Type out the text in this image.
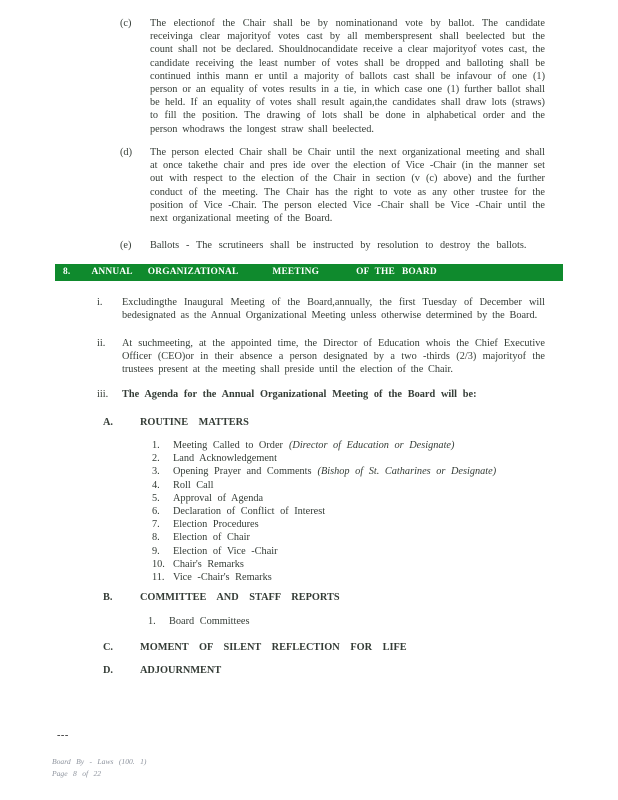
(c)	The electionof the Chair shall be by nominationand vote by ballot. The candidate receivinga clear majorityof votes cast by all memberspresent shall beelected but the count shall not be declared. Shouldnocandidate receive a clear majorityof votes cast, the candidate receiving the least number of votes shall be dropped and balloting shall be continued inthis mann er until a majority of ballots cast shall be infavour of one (1) person or an equality of votes results in a tie, in which case one (1) further ballot shall be held. If an equality of votes shall result again,the candidates shall draw lots (straws) to fill the position. The drawing of lots shall be done in alphabetical order and the person whodraws the longest straw shall beelected.
(d)	The person elected Chair shall be Chair until the next organizational meeting and shall at once takethe chair and pres ide over the election of Vice -Chair (in the manner set out with respect to the election of the Chair in section (v (c) above) and the further conduct of the meeting. The Chair has the right to vote as any other trustee for the position of Vice -Chair. The person elected Vice -Chair shall be Vice -Chair until the next organizational meeting of the Board.
(e)	Ballots - The scrutineers shall be instructed by resolution to destroy the ballots.
8. ANNUAL ORGANIZATIONAL	MEETING	OF THE BOARD
i.	Excludingthe Inaugural Meeting of the Board,annually, the first Tuesday of December will bedesignated as the Annual Organizational Meeting unless otherwise determined by the Board.
ii.	At suchmeeting, at the appointed time, the Director of Education whois the Chief Executive Officer (CEO)or in their absence a person designated by a two -thirds (2/3) majorityof the trustees present at the meeting shall preside until the election of the Chair.
iii.	The Agenda for the Annual Organizational Meeting of the Board will be:
A.	ROUTINE MATTERS
1.	Meeting Called to Order (Director of Education or Designate)
2.	Land Acknowledgement
3.	Opening Prayer and Comments (Bishop of St. Catharines or Designate)
4.	Roll Call
5.	Approval of Agenda
6.	Declaration of Conflict of Interest
7.	Election Procedures
8.	Election of Chair
9.	Election of Vice -Chair
10. Chair's Remarks
11. Vice -Chair's Remarks
B.	COMMITTEE AND STAFF REPORTS
1.	Board Committees
C.	MOMENT OF SILENT REFLECTION FOR LIFE
D.	ADJOURNMENT
---
Board By - Laws (100. 1)
Page 8 of 22
